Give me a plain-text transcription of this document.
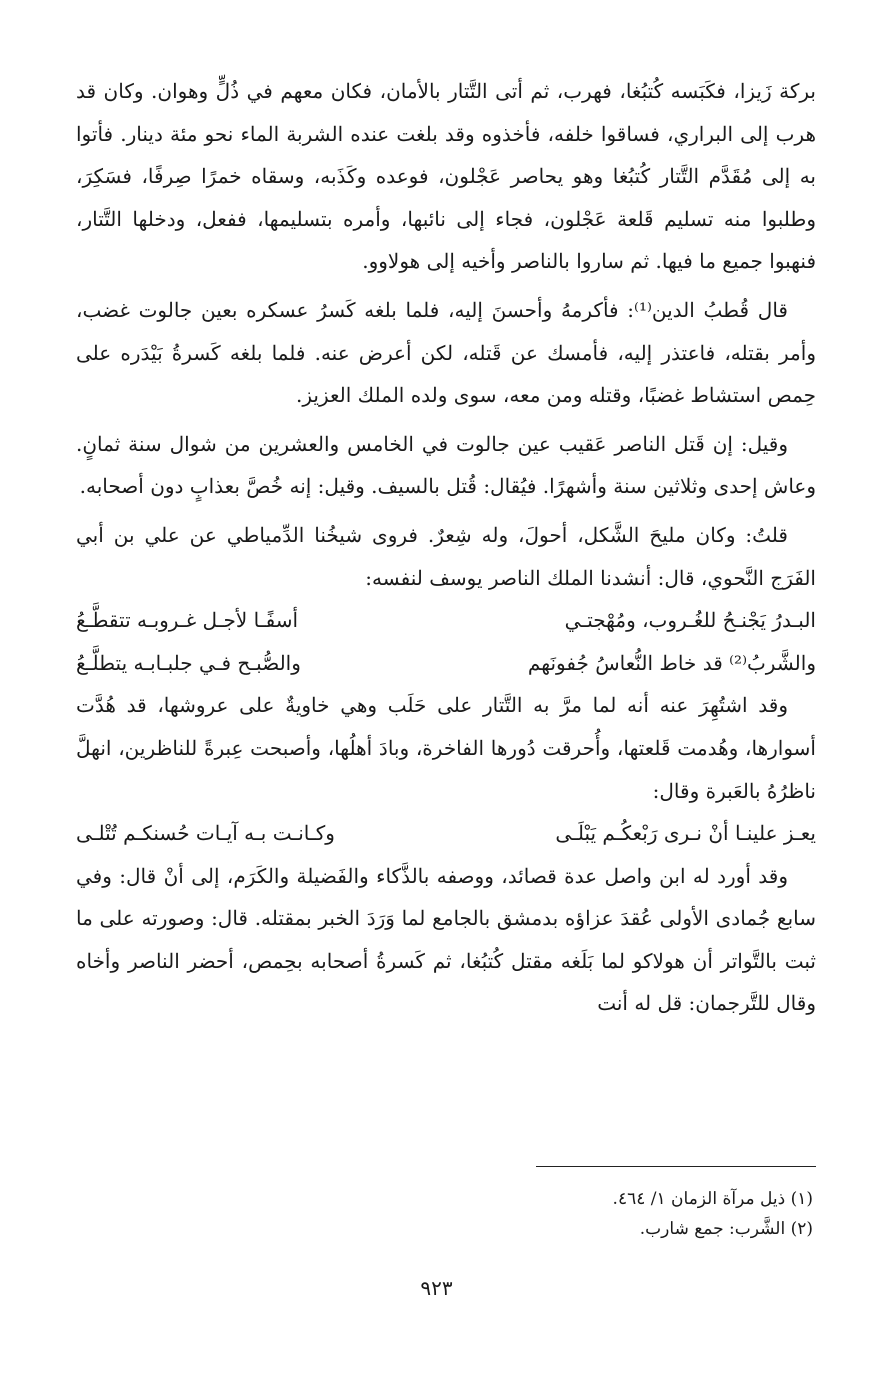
بركة زَيزا، فكَبَسه كُتبُغا، فهرب، ثم أتى التَّتار بالأمان، فكان معهم في ذُلٍّ وهوان. وكان قد هرب إلى البراري، فساقوا خلفه، فأخذوه وقد بلغت عنده الشربة الماء نحو مئة دينار. فأتوا به إلى مُقَدَّم التَّتار كُتبُغا وهو يحاصر عَجْلون، فوعده وكَذَبه، وسقاه خمرًا صِرفًا، فسَكِرَ، وطلبوا منه تسليم قَلعة عَجْلون، فجاء إلى نائبها، وأمره بتسليمها، ففعل، ودخلها التَّتار، فنهبوا جميع ما فيها. ثم ساروا بالناصر وأخيه إلى هولاوو.

قال قُطبُ الدين⁽¹⁾: فأكرمهُ وأحسنَ إليه، فلما بلغه كَسرُ عسكره بعين جالوت غضب، وأمر بقتله، فاعتذر إليه، فأمسك عن قَتله، لكن أعرض عنه. فلما بلغه كَسرةُ بَيْدَره على حِمص استشاط غضبًا، وقتله ومن معه، سوى ولده الملك العزيز.

وقيل: إن قَتل الناصر عَقيب عين جالوت في الخامس والعشرين من شوال سنة ثمانٍ. وعاش إحدى وثلاثين سنة وأشهرًا. فيُقال: قُتل بالسيف. وقيل: إنه خُصَّ بعذابٍ دون أصحابه.

قلتُ: وكان مليحَ الشَّكل، أحولَ، وله شِعرٌ. فروى شيخُنا الدِّمياطي عن علي بن أبي الفَرَج النَّحوي، قال: أنشدنا الملك الناصر يوسف لنفسه:

البـدرُ يَجْنـحُ للغُـروب، ومُهْجتـي
أسفًـا لأجـل غـروبـه تتقطَّـعُ
والشَّربُ⁽²⁾ قد خاط النُّعاسُ جُفونَهم
والصُّبـح فـي جلبـابـه يتطلَّـعُ

وقد اشتُهِرَ عنه أنه لما مرَّ به التَّتار على حَلَب وهي خاويةٌ على عروشها، قد هُدَّت أسوارها، وهُدمت قَلعتها، وأُحرقت دُورها الفاخرة، وبادَ أهلُها، وأصبحت عِبرةً للناظرين، انهلَّ ناظرُهُ بالعَبرة وقال:

يعـز علينـا أنْ نـرى رَبْعكُـم يَبْلَـى
وكـانـت بـه آيـات حُسنكـم تُتْلـى

وقد أورد له ابن واصل عدة قصائد، ووصفه بالذَّكاء والفَضيلة والكَرَم، إلى أنْ قال: وفي سابع جُمادى الأولى عُقدَ عزاؤه بدمشق بالجامع لما وَرَدَ الخبر بمقتله. قال: وصورته على ما ثبت بالتَّواتر أن هولاكو لما بَلَغه مقتل كُتبُغا، ثم كَسرةُ أصحابه بحِمص، أحضر الناصر وأخاه وقال للتَّرجمان: قل له أنت

(١) ذيل مرآة الزمان ١/ ٤٦٤.

(٢) الشَّرب: جمع شارب.

٩٢٣
